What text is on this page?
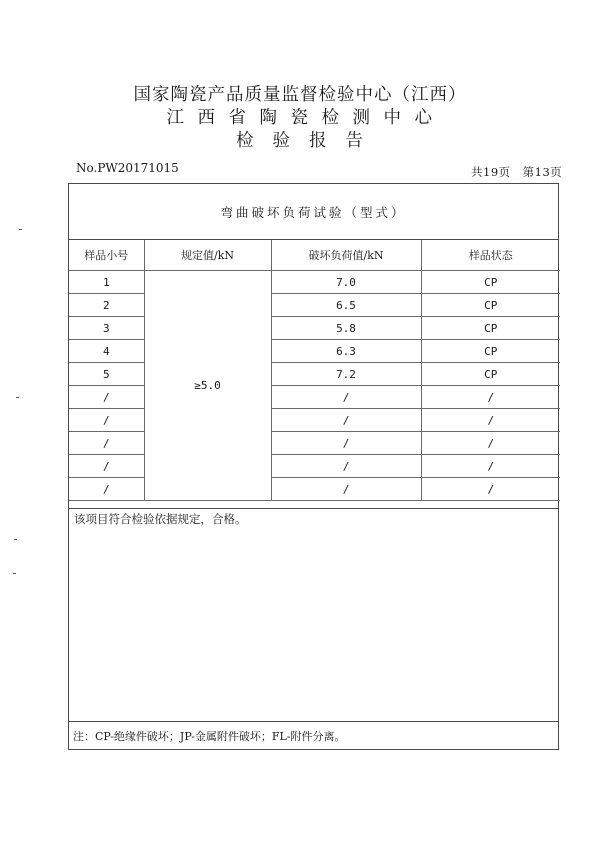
国家陶瓷产品质量监督检验中心（江西）
江西省陶瓷检测中心
检验报告
No.PW20171015	共19页　第13页
弯曲破坏负荷试验（型式）
样品小号	规定值/kN	破坏负荷值/kN	样品状态
1	≥5.0	7.0	CP
2		6.5	CP
3		5.8	CP
4		6.3	CP
5		7.2	CP
/		/	/
/		/	/
/		/	/
/		/	/
/		/	/
该项目符合检验依据规定，合格。
注：CP-绝缘件破坏；JP-金属附件破坏；FL-附件分离。
